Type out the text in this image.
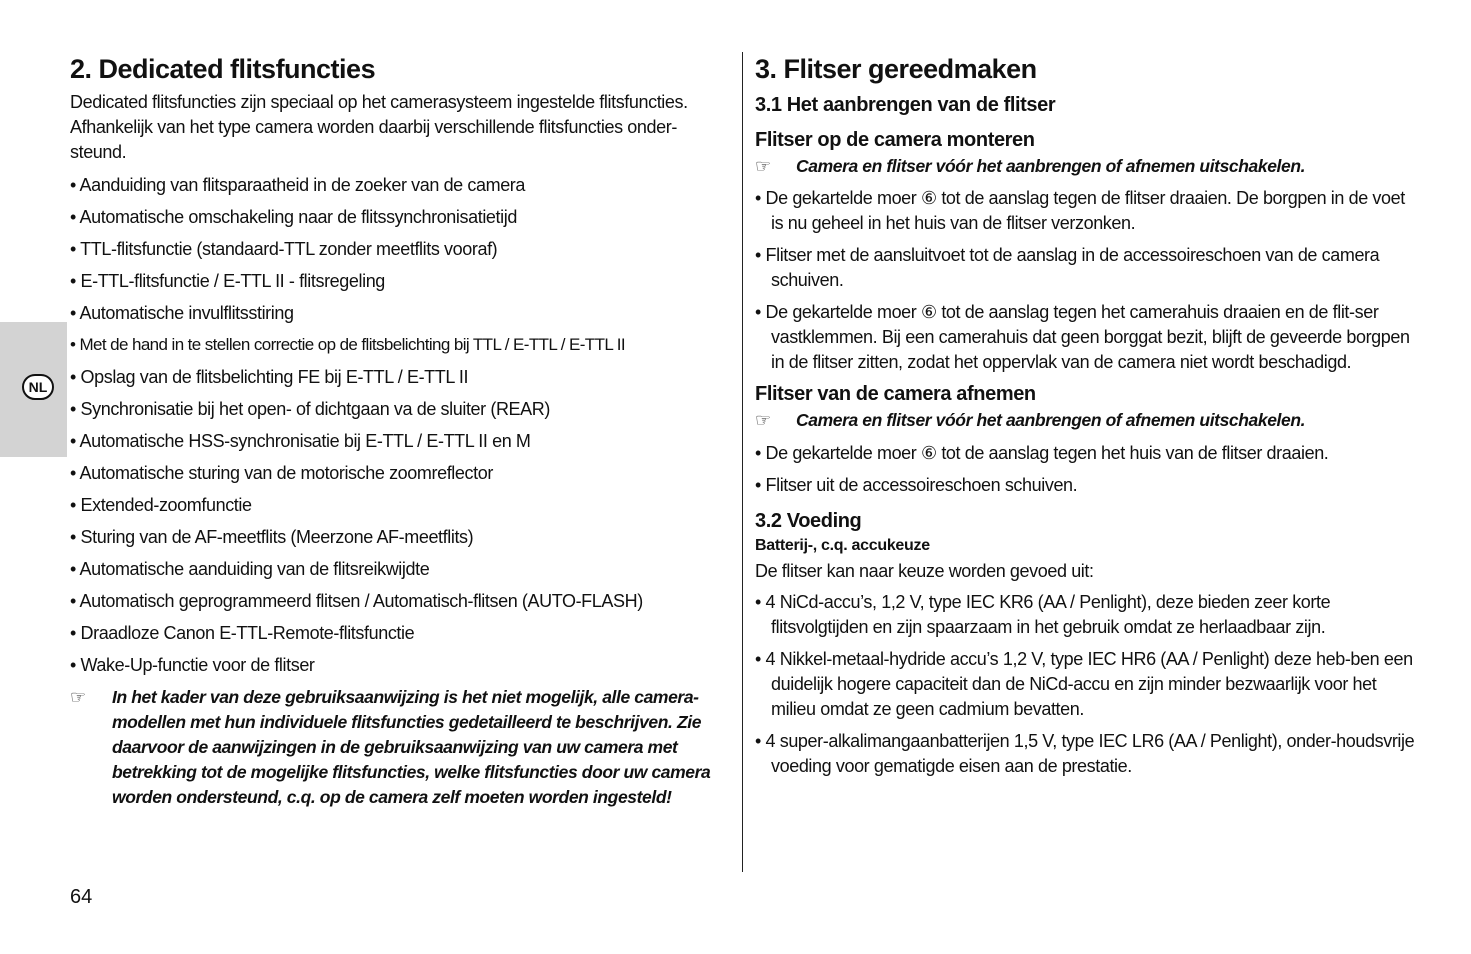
NL
2. Dedicated flitsfuncties

Dedicated flitsfuncties zijn speciaal op het camerasysteem ingestelde flitsfuncties. Afhankelijk van het type camera worden daarbij verschillende flitsfuncties onder-steund.

• Aanduiding van flitsparaatheid in de zoeker van de camera
• Automatische omschakeling naar de flitssynchronisatietijd
• TTL-flitsfunctie (standaard-TTL zonder meetflits vooraf)
• E-TTL-flitsfunctie / E-TTL II - flitsregeling
• Automatische invulflitsstiring
• Met de hand in te stellen correctie op de flitsbelichting bij TTL / E-TTL / E-TTL II
• Opslag van de flitsbelichting FE bij E-TTL / E-TTL II
• Synchronisatie bij het open- of dichtgaan va de sluiter (REAR)
• Automatische HSS-synchronisatie bij E-TTL / E-TTL II en M
• Automatische sturing van de motorische zoomreflector
• Extended-zoomfunctie
• Sturing van de AF-meetflits (Meerzone AF-meetflits)
• Automatische aanduiding van de flitsreikwijdte
• Automatisch geprogrammeerd flitsen / Automatisch-flitsen (AUTO-FLASH)
• Draadloze Canon E-TTL-Remote-flitsfunctie
• Wake-Up-functie voor de flitser
☞ In het kader van deze gebruiksaanwijzing is het niet mogelijk, alle camera-modellen met hun individuele flitsfuncties gedetailleerd te beschrijven. Zie daarvoor de aanwijzingen in de gebruiksaanwijzing van uw camera met betrekking tot de mogelijke flitsfuncties, welke flitsfuncties door uw camera worden ondersteund, c.q. op de camera zelf moeten worden ingesteld!
3. Flitser gereedmaken
3.1 Het aanbrengen van de flitser
Flitser op de camera monteren
☞ Camera en flitser vóór het aanbrengen of afnemen uitschakelen.
• De gekartelde moer ⑥ tot de aanslag tegen de flitser draaien. De borgpen in de voet is nu geheel in het huis van de flitser verzonken.
• Flitser met de aansluitvoet tot de aanslag in de accessoireschoen van de camera schuiven.
• De gekartelde moer ⑥ tot de aanslag tegen het camerahuis draaien en de flit-ser vastklemmen. Bij een camerahuis dat geen borggat bezit, blijft de geveerde borgpen in de flitser zitten, zodat het oppervlak van de camera niet wordt beschadigd.
Flitser van de camera afnemen
☞ Camera en flitser vóór het aanbrengen of afnemen uitschakelen.
• De gekartelde moer ⑥ tot de aanslag tegen het huis van de flitser draaien.
• Flitser uit de accessoireschoen schuiven.
3.2 Voeding
Batterij-, c.q. accukeuze

De flitser kan naar keuze worden gevoed uit:

• 4 NiCd-accu’s, 1,2 V, type IEC KR6 (AA / Penlight), deze bieden zeer korte flitsvolgtijden en zijn spaarzaam in het gebruik omdat ze herlaadbaar zijn.
• 4 Nikkel-metaal-hydride accu’s 1,2 V, type IEC HR6 (AA / Penlight) deze heb-ben een duidelijk hogere capaciteit dan de NiCd-accu en zijn minder bezwaarlijk voor het milieu omdat ze geen cadmium bevatten.
• 4 super-alkalimangaanbatterijen 1,5 V, type IEC LR6 (AA / Penlight), onder-houdsvrije voeding voor gematigde eisen aan de prestatie.
64
